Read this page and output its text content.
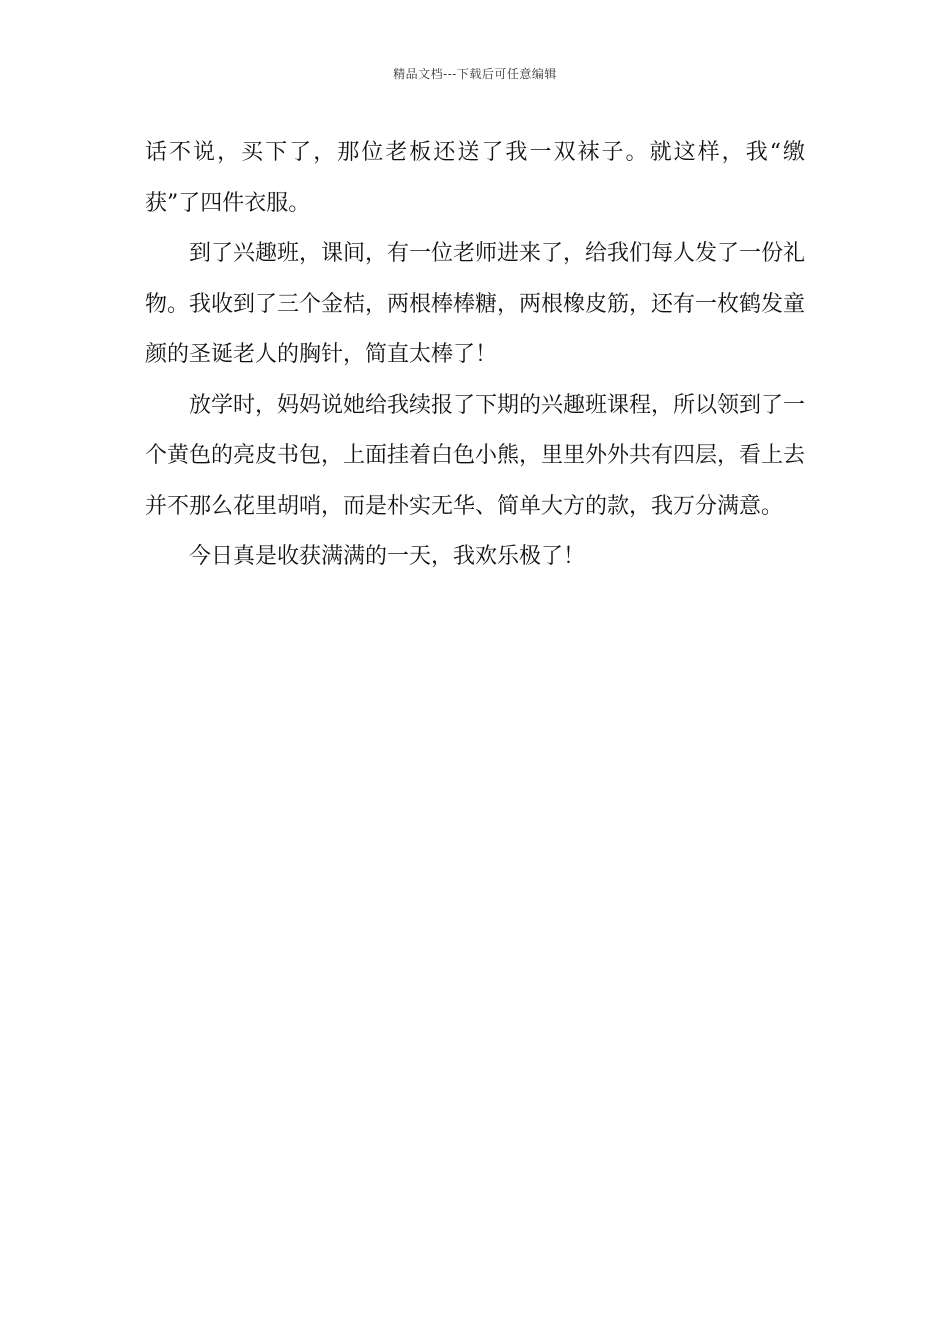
精品文档---下载后可任意编辑

话不说，买下了，那位老板还送了我一双袜子。就这样，我“缴获”了四件衣服。

到了兴趣班，课间，有一位老师进来了，给我们每人发了一份礼物。我收到了三个金桔，两根棒棒糖，两根橡皮筋，还有一枚鹤发童颜的圣诞老人的胸针，简直太棒了！

放学时，妈妈说她给我续报了下期的兴趣班课程，所以领到了一个黄色的亮皮书包，上面挂着白色小熊，里里外外共有四层，看上去并不那么花里胡哨，而是朴实无华、简单大方的款，我万分满意。

今日真是收获满满的一天，我欢乐极了！
